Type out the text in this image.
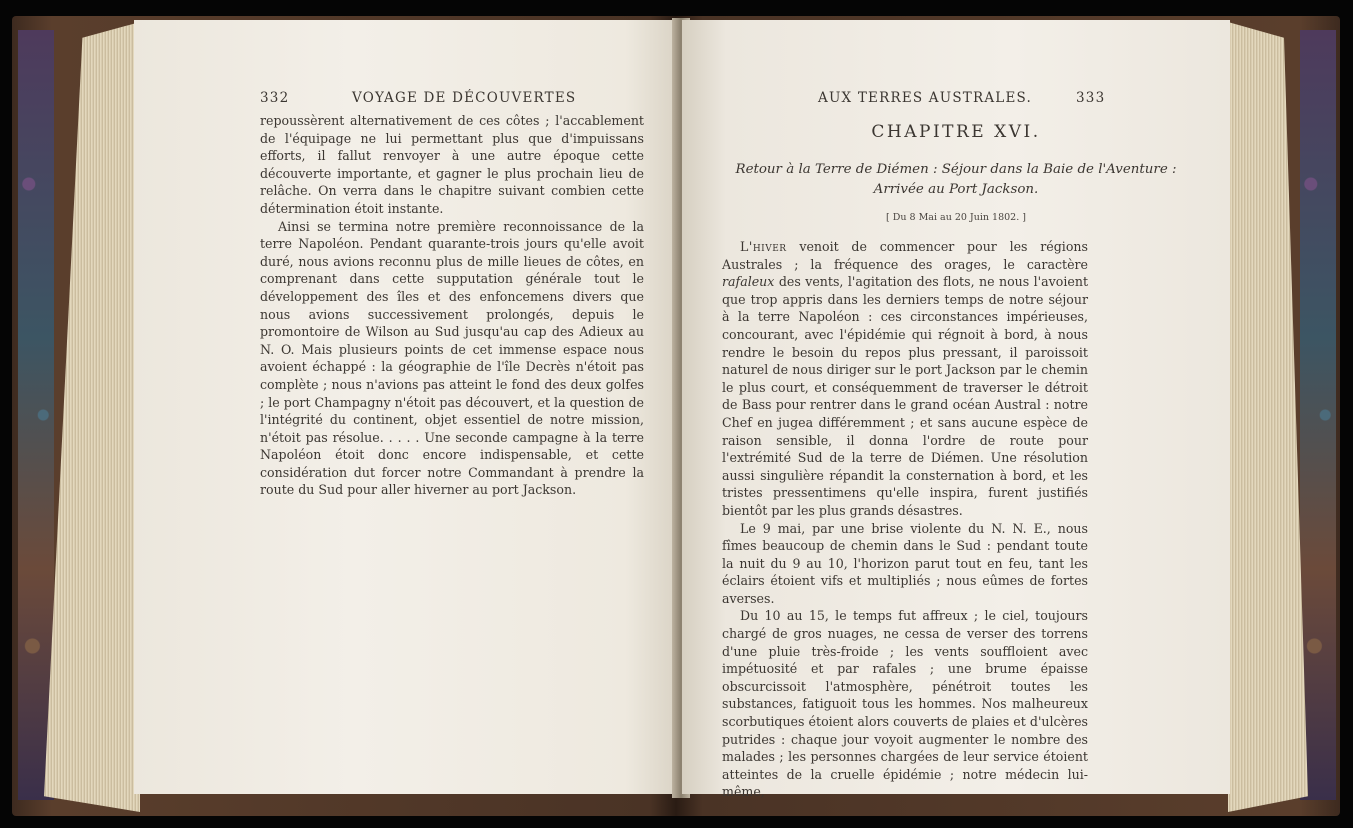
332	VOYAGE DE DÉCOUVERTES

repoussèrent alternativement de ces côtes ; l'accablement de l'équipage ne lui permettant plus que d'impuissans efforts, il fallut renvoyer à une autre époque cette découverte importante, et gagner le plus prochain lieu de relâche. On verra dans le chapitre suivant combien cette détermination étoit instante.

Ainsi se termina notre première reconnoissance de la terre Napoléon. Pendant quarante-trois jours qu'elle avoit duré, nous avions reconnu plus de mille lieues de côtes, en comprenant dans cette supputation générale tout le développement des îles et des enfoncemens divers que nous avions successivement prolongés, depuis le promontoire de Wilson au Sud jusqu'au cap des Adieux au N. O. Mais plusieurs points de cet immense espace nous avoient échappé : la géographie de l'île Decrès n'étoit pas complète ; nous n'avions pas atteint le fond des deux golfes ; le port Champagny n'étoit pas découvert, et la question de l'intégrité du continent, objet essentiel de notre mission, n'étoit pas résolue. . . . . Une seconde campagne à la terre Napoléon étoit donc encore indispensable, et cette considération dut forcer notre Commandant à prendre la route du Sud pour aller hiverner au port Jackson.

AUX TERRES AUSTRALES.	333
CHAPITRE XVI.
Retour à la Terre de Diémen : Séjour dans la Baie de l'Aventure : Arrivée au Port Jackson.
[ Du 8 Mai au 20 Juin 1802. ]

L'hiver venoit de commencer pour les régions Australes ; la fréquence des orages, le caractère rafaleux des vents, l'agitation des flots, ne nous l'avoient que trop appris dans les derniers temps de notre séjour à la terre Napoléon : ces circonstances impérieuses, concourant, avec l'épidémie qui régnoit à bord, à nous rendre le besoin du repos plus pressant, il paroissoit naturel de nous diriger sur le port Jackson par le chemin le plus court, et conséquemment de traverser le détroit de Bass pour rentrer dans le grand océan Austral : notre Chef en jugea différemment ; et sans aucune espèce de raison sensible, il donna l'ordre de route pour l'extrémité Sud de la terre de Diémen. Une résolution aussi singulière répandit la consternation à bord, et les tristes pressentimens qu'elle inspira, furent justifiés bientôt par les plus grands désastres.

Le 9 mai, par une brise violente du N. N. E., nous fîmes beaucoup de chemin dans le Sud : pendant toute la nuit du 9 au 10, l'horizon parut tout en feu, tant les éclairs étoient vifs et multipliés ; nous eûmes de fortes averses.

Du 10 au 15, le temps fut affreux ; le ciel, toujours chargé de gros nuages, ne cessa de verser des torrens d'une pluie très-froide ; les vents souffloient avec impétuosité et par rafales ; une brume épaisse obscurcissoit l'atmosphère, pénétroit toutes les substances, fatiguoit tous les hommes. Nos malheureux scorbutiques étoient alors couverts de plaies et d'ulcères putrides : chaque jour voyoit augmenter le nombre des malades ; les personnes chargées de leur service étoient atteintes de la cruelle épidémie ; notre médecin lui-même,
